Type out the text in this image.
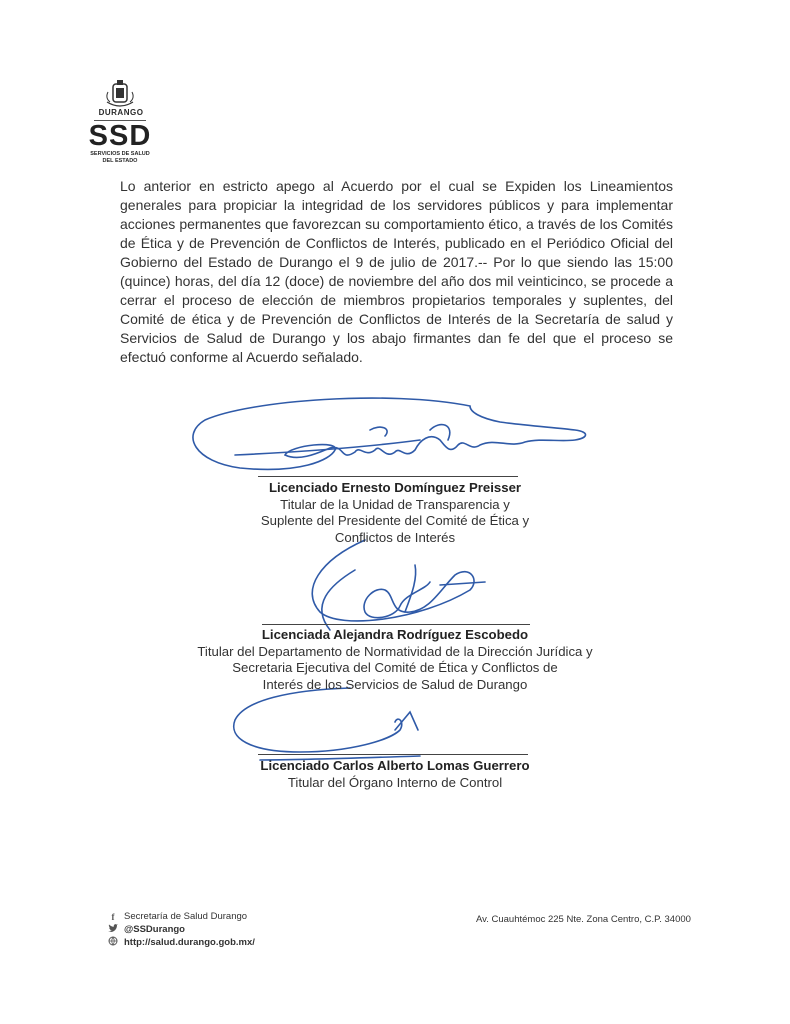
DURANGO
SSD
SERVICIOS DE SALUD
DEL ESTADO

Lo anterior en estricto apego al Acuerdo por el cual se Expiden los Lineamientos generales para propiciar la integridad de los servidores públicos y para implementar acciones permanentes que favorezcan su comportamiento ético, a través de los Comités de Ética y de Prevención de Conflictos de Interés, publicado en el Periódico Oficial del Gobierno del Estado de Durango el 9 de julio de 2017.-- Por lo que siendo las 15:00 (quince) horas, del día 12 (doce) de noviembre del año dos mil veinticinco, se procede a cerrar el proceso de elección de miembros propietarios temporales y suplentes, del Comité de ética y de Prevención de Conflictos de Interés de la Secretaría de salud y Servicios de Salud de Durango y los abajo firmantes dan fe del que el proceso se efectuó conforme al Acuerdo señalado.

Licenciado Ernesto Domínguez Preisser
Titular de la Unidad de Transparencia y
Suplente del Presidente del Comité de Ética y
Conflictos de Interés
Licenciada Alejandra Rodríguez Escobedo
Titular del Departamento de Normatividad de la Dirección Jurídica y
Secretaria Ejecutiva del Comité de Ética y Conflictos de
Interés de los Servicios de Salud de Durango
Licenciado Carlos Alberto Lomas Guerrero
Titular del Órgano Interno de Control
f	Secretaría de Salud Durango
@SSDurango
http://salud.durango.gob.mx/
Av. Cuauhtémoc 225 Nte. Zona Centro, C.P. 34000
